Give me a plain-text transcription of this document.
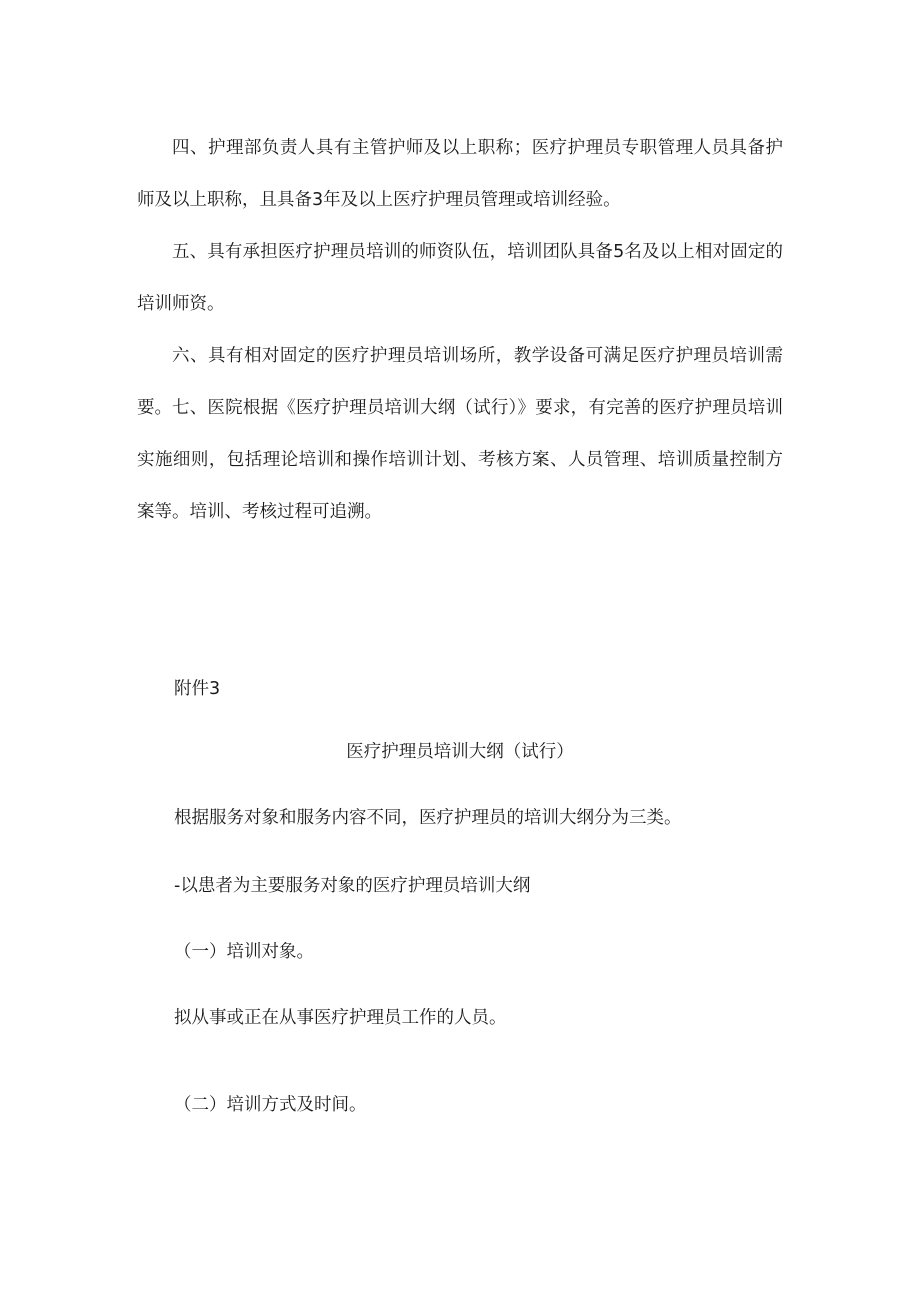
四、护理部负责人具有主管护师及以上职称；医疗护理员专职管理人员具备护师及以上职称，且具备3年及以上医疗护理员管理或培训经验。

五、具有承担医疗护理员培训的师资队伍，培训团队具备5名及以上相对固定的培训师资。

六、具有相对固定的医疗护理员培训场所，教学设备可满足医疗护理员培训需要。 七、医院根据《医疗护理员培训大纲（试行）》要求，有完善的医疗护理员培训实施细则，包括理论培训和操作培训计划、考核方案、人员管理、培训质量控制方案等。培训、考核过程可追溯。

附件3

医疗护理员培训大纲（试行）

根据服务对象和服务内容不同，医疗护理员的培训大纲分为三类。

-以患者为主要服务对象的医疗护理员培训大纲

（一）培训对象。

拟从事或正在从事医疗护理员工作的人员。

（二）培训方式及时间。
